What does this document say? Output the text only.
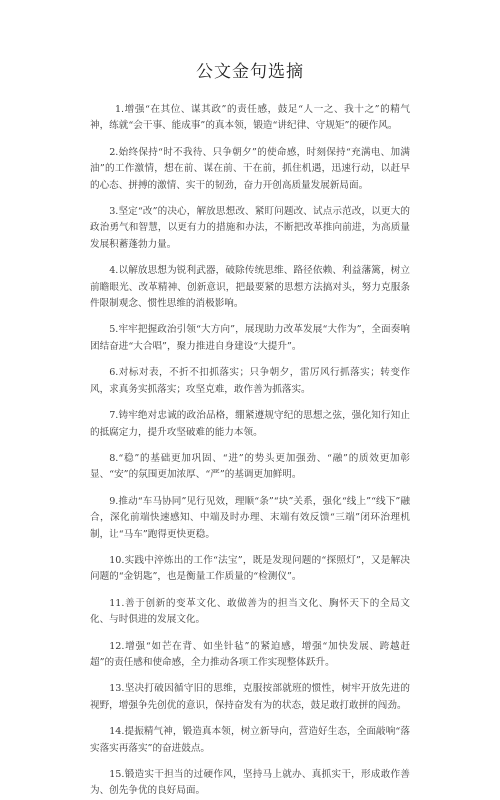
公文金句选摘

1.增强“在其位、谋其政”的责任感，鼓足“人一之、我十之”的精气神，练就“会干事、能成事”的真本领，锻造“讲纪律、守规矩”的硬作风。

2.始终保持“时不我待、只争朝夕”的使命感，时刻保持“充满电、加满油”的工作激情，想在前、谋在前、干在前，抓住机遇，迅速行动，以赶早的心态、拼搏的激情、实干的韧劲，奋力开创高质量发展新局面。

3.坚定“改”的决心，解放思想改、紧盯问题改、试点示范改，以更大的政治勇气和智慧，以更有力的措施和办法，不断把改革推向前进，为高质量发展积蓄蓬勃力量。

4.以解放思想为锐利武器，破除传统思维、路径依赖、利益藩篱，树立前瞻眼光、改革精神、创新意识，把最要紧的思想方法搞对头，努力克服条件限制观念、惯性思维的消极影响。

5.牢牢把握政治引领“大方向”，展现助力改革发展“大作为”，全面奏响团结奋进“大合唱”，聚力推进自身建设“大提升”。

6.对标对表，不折不扣抓落实；只争朝夕，雷厉风行抓落实；转变作风，求真务实抓落实；攻坚克难，敢作善为抓落实。

7.铸牢绝对忠诚的政治品格，绷紧遵规守纪的思想之弦，强化知行知止的抵腐定力，提升攻坚破难的能力本领。

8.“稳”的基础更加巩固、“进”的势头更加强劲、“融”的质效更加彰显、“安”的氛围更加浓厚、“严”的基调更加鲜明。

9.推动“车马协同”见行见效，理顺“条”“块”关系，强化“线上”“线下”融合，深化前端快速感知、中端及时办理、末端有效反馈“三端”闭环治理机制，让“马车”跑得更快更稳。

10.实践中淬炼出的工作“法宝”，既是发现问题的“探照灯”，又是解决问题的“金钥匙”，也是衡量工作质量的“检测仪”。

11.善于创新的变革文化、敢做善为的担当文化、胸怀天下的全局文化、与时俱进的发展文化。

12.增强“如芒在背、如坐针毡”的紧迫感，增强“加快发展、跨越赶超”的责任感和使命感，全力推动各项工作实现整体跃升。

13.坚决打破因循守旧的思维，克服按部就班的惯性，树牢开放先进的视野，增强争先创优的意识，保持奋发有为的状态，鼓足敢打敢拼的闯劲。

14.提振精气神，锻造真本领，树立新导向，营造好生态，全面敲响“落实落实再落实”的奋进鼓点。

15.锻造实干担当的过硬作风，坚持马上就办、真抓实干，形成敢作善为、创先争优的良好局面。
